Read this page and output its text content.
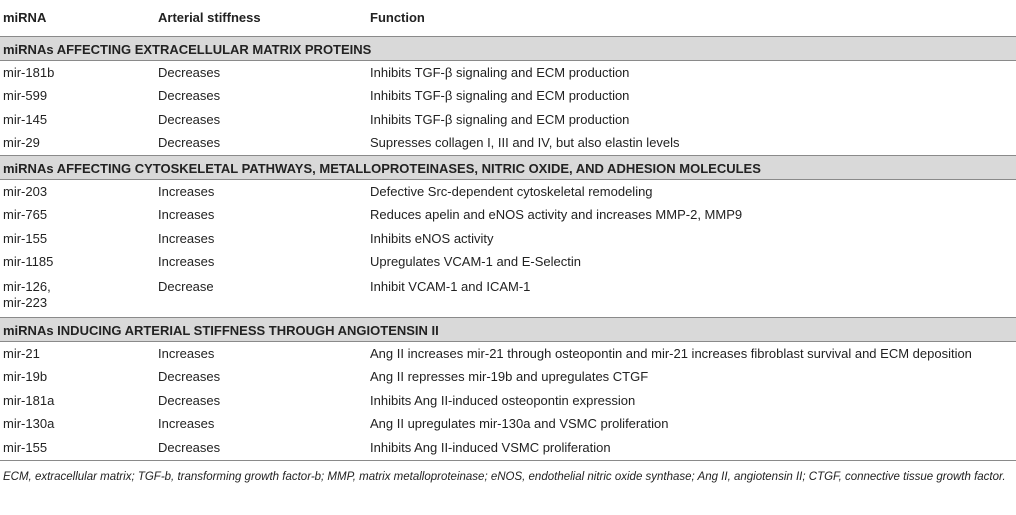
miRNA	Arterial stiffness	Function
miRNAs AFFECTING EXTRACELLULAR MATRIX PROTEINS		
mir-181b	Decreases	Inhibits TGF-β signaling and ECM production
mir-599	Decreases	Inhibits TGF-β signaling and ECM production
mir-145	Decreases	Inhibits TGF-β signaling and ECM production
mir-29	Decreases	Supresses collagen I, III and IV, but also elastin levels
miRNAs AFFECTING CYTOSKELETAL PATHWAYS, METALLOPROTEINASES, NITRIC OXIDE, AND ADHESION MOLECULES		
mir-203	Increases	Defective Src-dependent cytoskeletal remodeling
mir-765	Increases	Reduces apelin and eNOS activity and increases MMP-2, MMP9
mir-155	Increases	Inhibits eNOS activity
mir-1185	Increases	Upregulates VCAM-1 and E-Selectin

mir-126,
mir-223	Decrease	Inhibit VCAM-1 and ICAM-1
miRNAs INDUCING ARTERIAL STIFFNESS THROUGH ANGIOTENSIN II		
mir-21	Increases	Ang II increases mir-21 through osteopontin and mir-21 increases fibroblast survival and ECM deposition
mir-19b	Decreases	Ang II represses mir-19b and upregulates CTGF
mir-181a	Decreases	Inhibits Ang II-induced osteopontin expression
mir-130a	Increases	Ang II upregulates mir-130a and VSMC proliferation
mir-155	Decreases	Inhibits Ang II-induced VSMC proliferation
ECM, extracellular matrix; TGF-b, transforming growth factor-b; MMP, matrix metalloproteinase; eNOS, endothelial nitric oxide synthase; Ang II, angiotensin II; CTGF, connective tissue growth factor.
